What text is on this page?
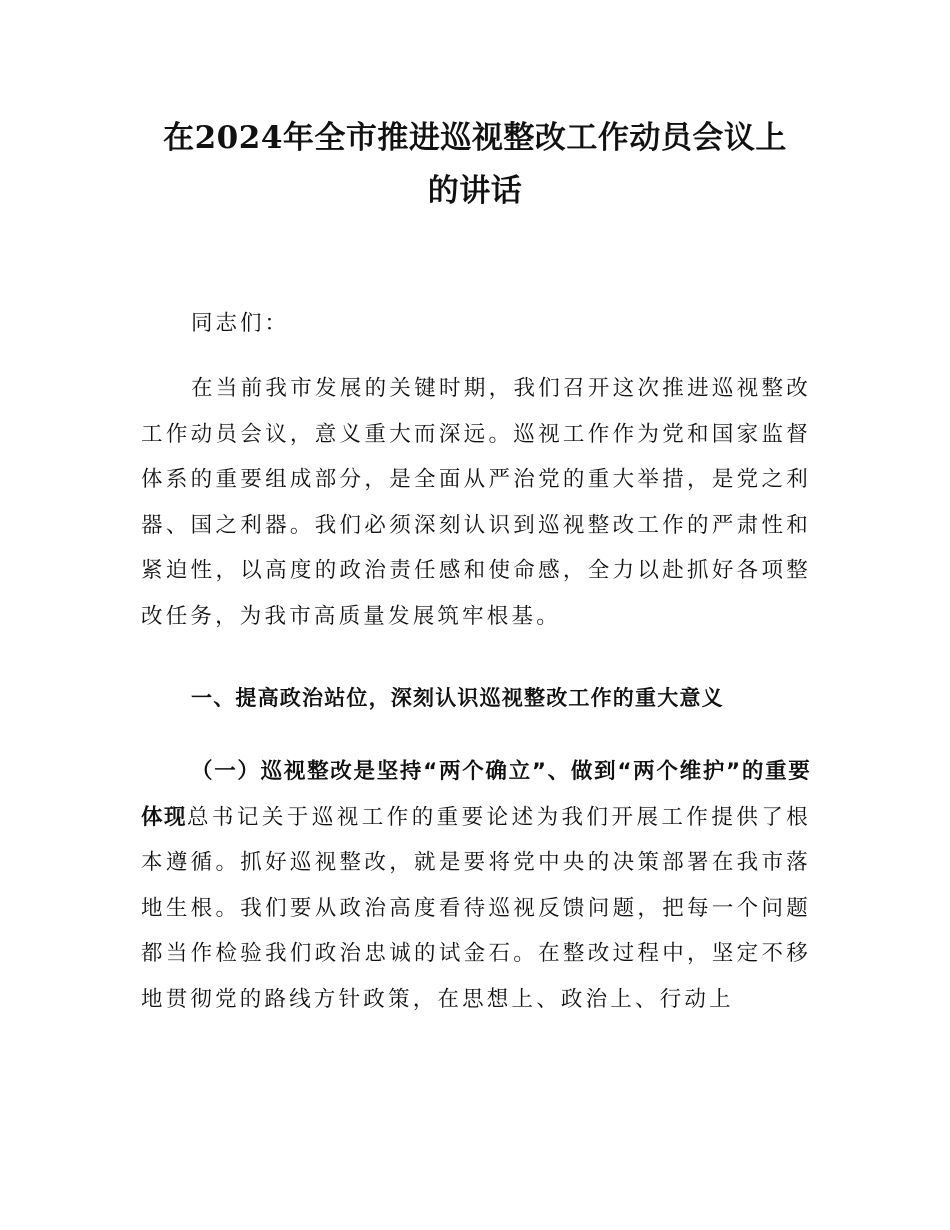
在2024年全市推进巡视整改工作动员会议上
的讲话

同志们：

在当前我市发展的关键时期，我们召开这次推进巡视整改工作动员会议，意义重大而深远。巡视工作作为党和国家监督体系的重要组成部分，是全面从严治党的重大举措，是党之利器、国之利器。我们必须深刻认识到巡视整改工作的严肃性和紧迫性，以高度的政治责任感和使命感，全力以赴抓好各项整改任务，为我市高质量发展筑牢根基。

一、提高政治站位，深刻认识巡视整改工作的重大意义

（一）巡视整改是坚持“两个确立”、做到“两个维护”的重要体现总书记关于巡视工作的重要论述为我们开展工作提供了根本遵循。抓好巡视整改，就是要将党中央的决策部署在我市落地生根。我们要从政治高度看待巡视反馈问题，把每一个问题都当作检验我们政治忠诚的试金石。在整改过程中，坚定不移地贯彻党的路线方针政策，在思想上、政治上、行动上
